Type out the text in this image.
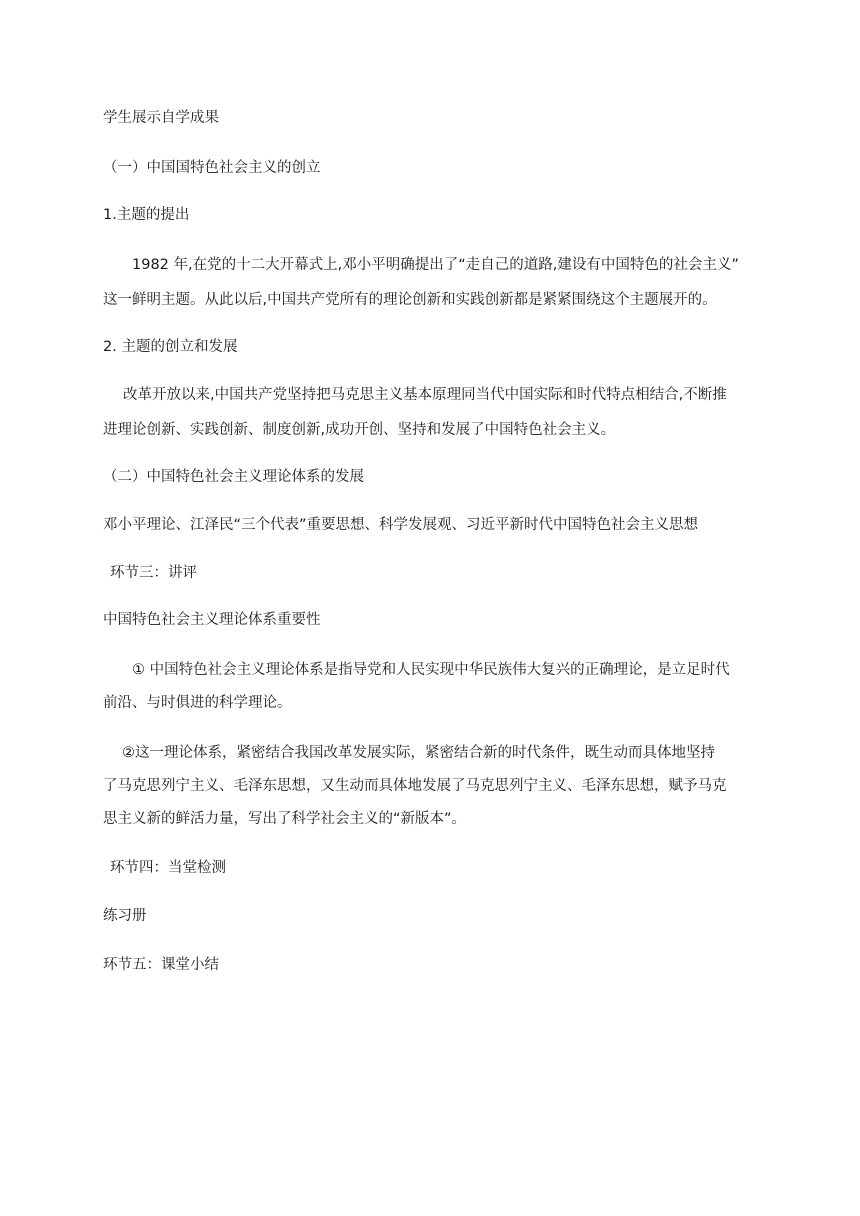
学生展示自学成果
（一）中国国特色社会主义的创立
1.主题的提出
1982 年,在党的十二大开幕式上,邓小平明确提出了“走自己的道路,建设有中国特色的社会主义”
这一鲜明主题。从此以后,中国共产党所有的理论创新和实践创新都是紧紧围绕这个主题展开的。
2. 主题的创立和发展
改革开放以来,中国共产党坚持把马克思主义基本原理同当代中国实际和时代特点相结合,不断推
进理论创新、实践创新、制度创新,成功开创、坚持和发展了中国特色社会主义。
（二）中国特色社会主义理论体系的发展
邓小平理论、江泽民“三个代表”重要思想、科学发展观、习近平新时代中国特色社会主义思想
环节三：讲评
中国特色社会主义理论体系重要性
① 中国特色社会主义理论体系是指导党和人民实现中华民族伟大复兴的正确理论，是立足时代
前沿、与时俱进的科学理论。
②这一理论体系，紧密结合我国改革发展实际，紧密结合新的时代条件，既生动而具体地坚持
了马克思列宁主义、毛泽东思想，又生动而具体地发展了马克思列宁主义、毛泽东思想，赋予马克
思主义新的鲜活力量，写出了科学社会主义的“新版本”。
环节四：当堂检测
练习册
环节五：课堂小结
